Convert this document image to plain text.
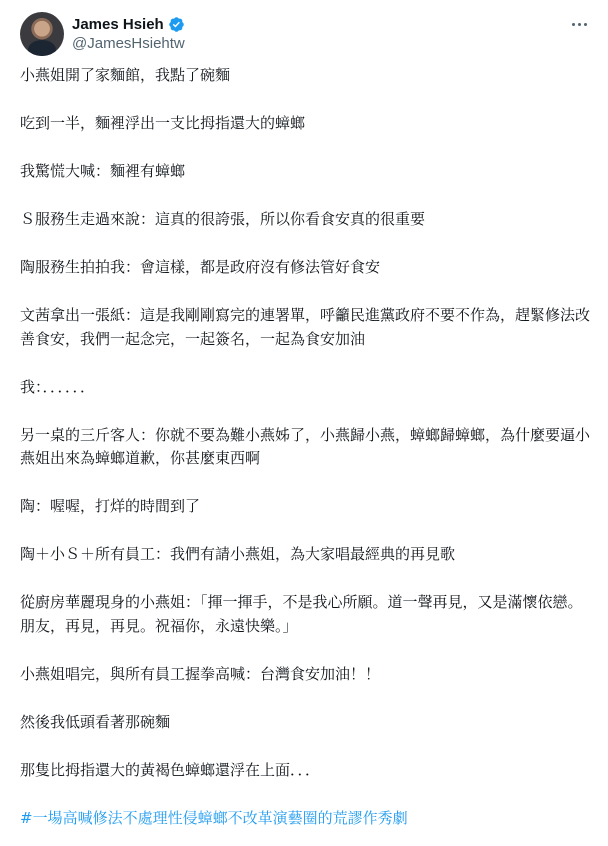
James Hsieh
@JamesHsiehtw

小燕姐開了家麵館，我點了碗麵

吃到一半，麵裡浮出一支比拇指還大的蟑螂

我驚慌大喊：麵裡有蟑螂

Ｓ服務生走過來說：這真的很誇張，所以你看食安真的很重要

陶服務生拍拍我：會這樣，都是政府沒有修法管好食安

文茜拿出一張紙：這是我剛剛寫完的連署單，呼籲民進黨政府不要不作為，趕緊修法改善食安，我們一起念完，一起簽名，一起為食安加油

我：．．．．．．

另一桌的三斤客人：你就不要為難小燕姊了，小燕歸小燕，蟑螂歸蟑螂，為什麼要逼小燕姐出來為蟑螂道歉，你甚麼東西啊

陶：喔喔，打烊的時間到了

陶＋小Ｓ＋所有員工：我們有請小燕姐，為大家唱最經典的再見歌

從廚房華麗現身的小燕姐：「揮一揮手，不是我心所願。道一聲再見，又是滿懷依戀。朋友，再見，再見。祝福你，永遠快樂。」

小燕姐唱完，與所有員工握拳高喊：台灣食安加油！！

然後我低頭看著那碗麵

那隻比拇指還大的黃褐色蟑螂還浮在上面．．．

#一場高喊修法不處理性侵蟑螂不改革演藝圈的荒謬作秀劇
